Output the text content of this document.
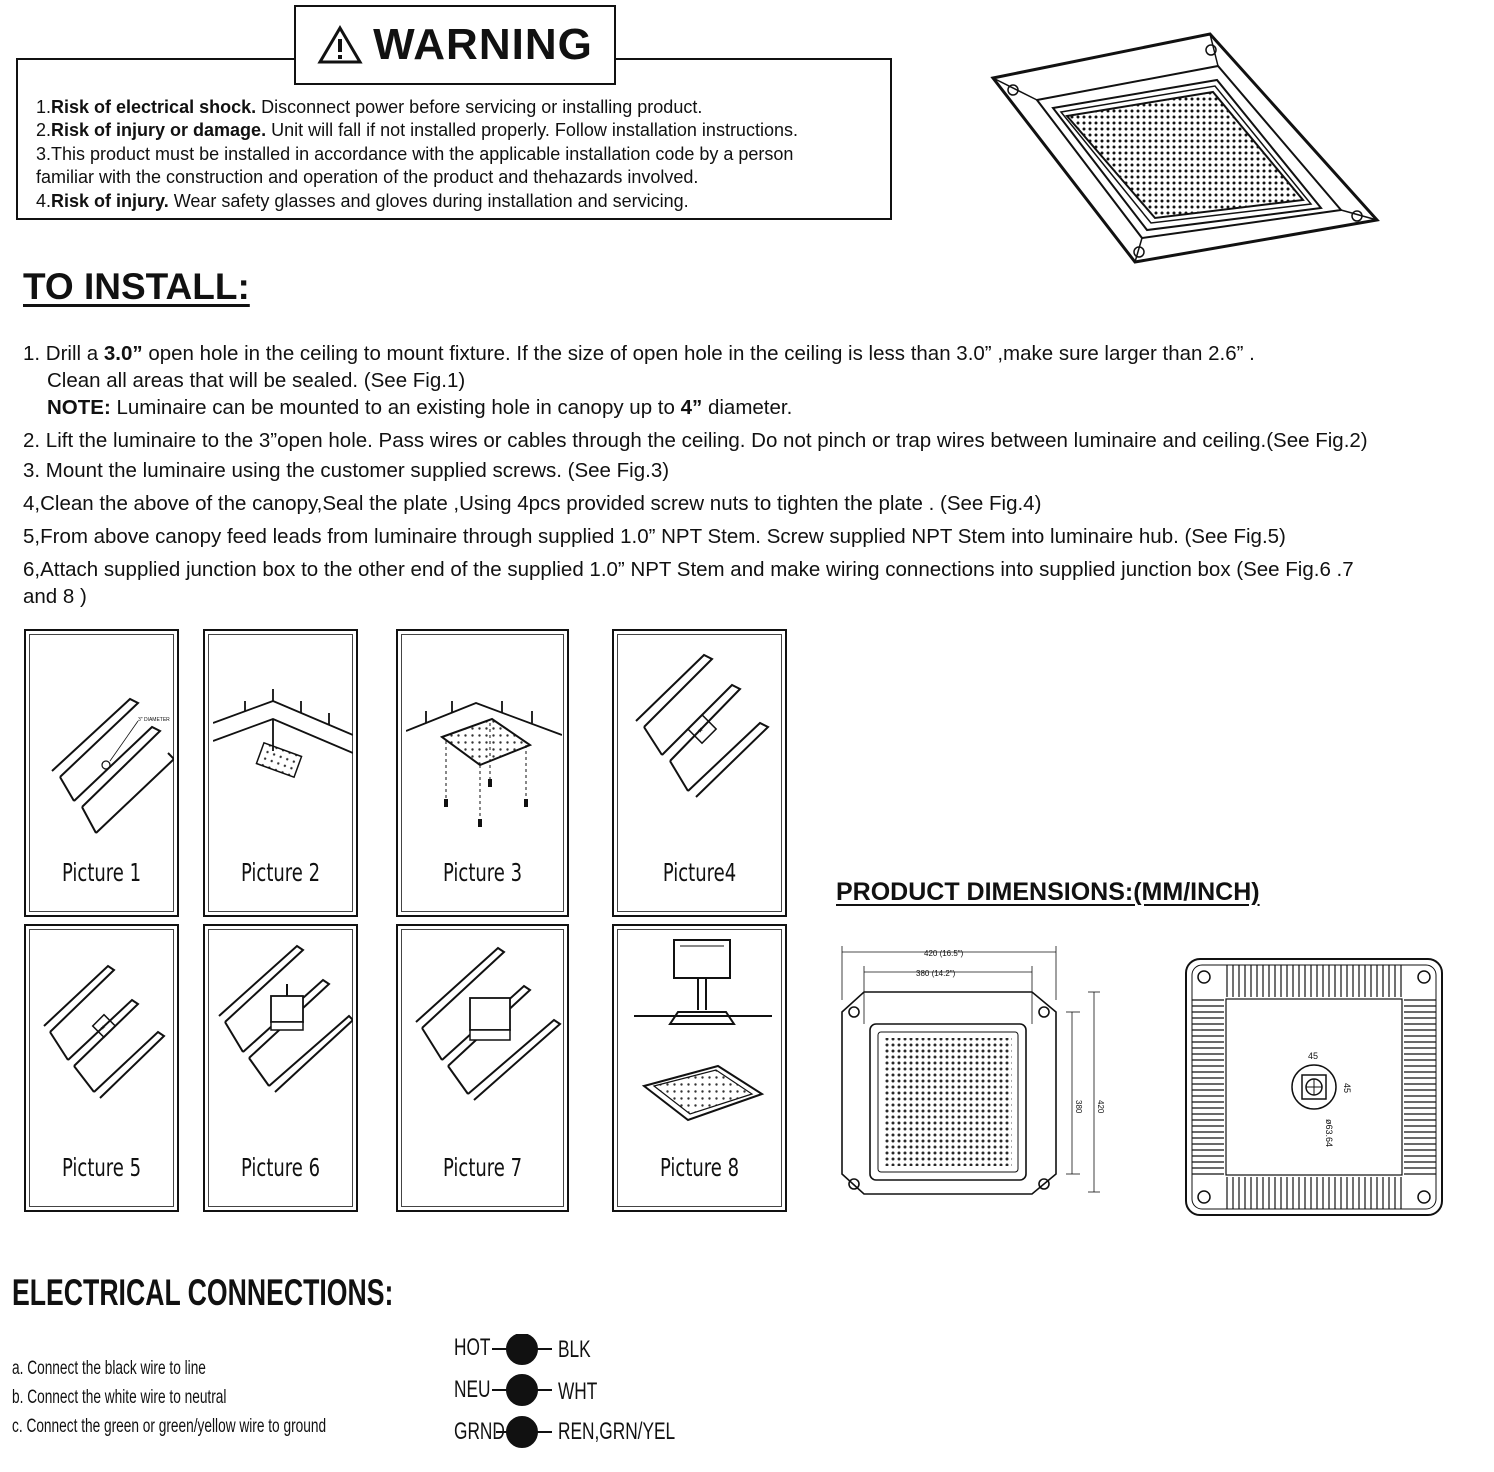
WARNING
1.Risk of electrical shock. Disconnect power before servicing or installing product.
2.Risk of injury or damage. Unit will fall if not installed properly. Follow installation instructions.
3.This product must be installed in accordance with the applicable installation code by a person
familiar with the construction and operation of the product and thehazards involved.
4.Risk of injury. Wear safety glasses and gloves during installation and servicing.
TO INSTALL:
1. Drill a 3.0” open hole in the ceiling to mount fixture. If the size of open hole in the ceiling is less than 3.0” ,make sure larger than 2.6” .
Clean all areas that will be sealed. (See Fig.1)
NOTE: Luminaire can be mounted to an existing hole in canopy up to 4” diameter.
2. Lift the luminaire to the 3”open hole. Pass wires or cables through the ceiling. Do not pinch or trap wires between luminaire and ceiling.(See Fig.2)
3. Mount the luminaire using the customer supplied screws. (See Fig.3)
4,Clean the above of the canopy,Seal the plate ,Using 4pcs provided screw nuts to tighten the plate . (See Fig.4)
5,From above canopy feed leads from luminaire through supplied 1.0” NPT Stem. Screw supplied NPT Stem into luminaire hub. (See Fig.5)
6,Attach supplied junction box to the other end of the supplied 1.0” NPT Stem and make wiring connections into supplied junction box (See Fig.6 .7
and 8 )
3" DIAMETER
Picture 1	Picture 2	Picture 3
✦
Picture4
✦
Picture 5	Picture 6	Picture 7	Picture 8
PRODUCT DIMENSIONS:(MM/INCH)
420 (16.5")
380 (14.2")
380 420
45
45
ø63.64
ELECTRICAL CONNECTIONS:
a. Connect the black wire to line
b. Connect the white wire to neutral
c. Connect the green or green/yellow wire to ground
HOT	BLK
NEU	WHT
GRND REN,GRN/YEL
